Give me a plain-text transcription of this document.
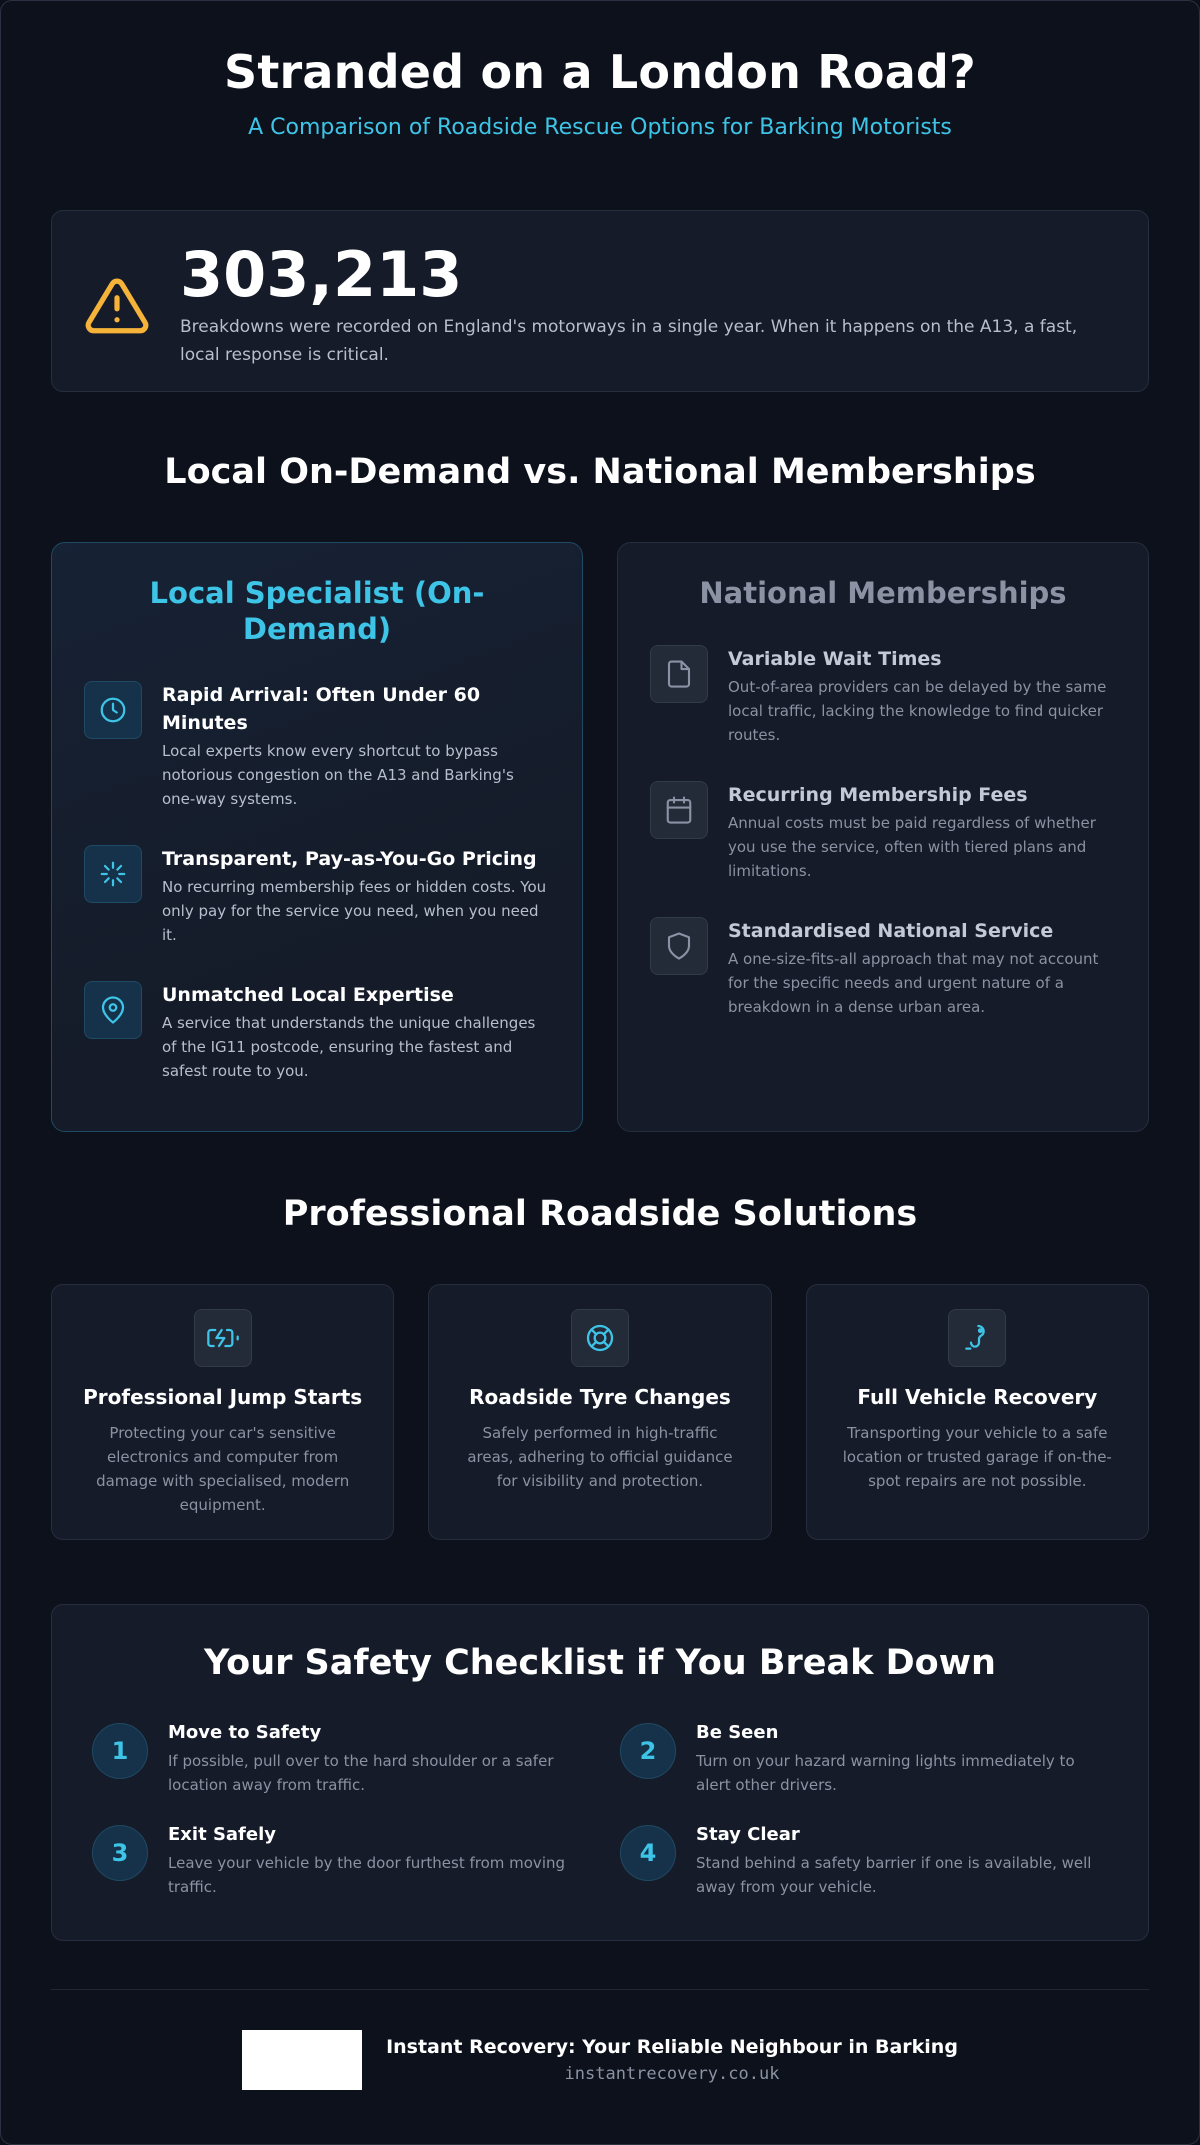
Stranded on a London Road?
A Comparison of Roadside Rescue Options for Barking Motorists
303,213
Breakdowns were recorded on England's motorways in a single year. When it happens on the A13, a fast, local response is critical.
Local On-Demand vs. National Memberships
Local Specialist (On-Demand)
Rapid Arrival: Often Under 60 Minutes
Local experts know every shortcut to bypass notorious congestion on the A13 and Barking's one-way systems.
Transparent, Pay-as-You-Go Pricing
No recurring membership fees or hidden costs. You only pay for the service you need, when you need it.
Unmatched Local Expertise
A service that understands the unique challenges of the IG11 postcode, ensuring the fastest and safest route to you.
National Memberships
Variable Wait Times
Out-of-area providers can be delayed by the same local traffic, lacking the knowledge to find quicker routes.
Recurring Membership Fees
Annual costs must be paid regardless of whether you use the service, often with tiered plans and limitations.
Standardised National Service
A one-size-fits-all approach that may not account for the specific needs and urgent nature of a breakdown in a dense urban area.
Professional Roadside Solutions
Professional Jump Starts
Protecting your car's sensitive electronics and computer from damage with specialised, modern equipment.
Roadside Tyre Changes
Safely performed in high-traffic areas, adhering to official guidance for visibility and protection.
Full Vehicle Recovery
Transporting your vehicle to a safe location or trusted garage if on-the-spot repairs are not possible.
Your Safety Checklist if You Break Down
1
Move to Safety
If possible, pull over to the hard shoulder or a safer location away from traffic.
2
Be Seen
Turn on your hazard warning lights immediately to alert other drivers.
3
Exit Safely
Leave your vehicle by the door furthest from moving traffic.
4
Stay Clear
Stand behind a safety barrier if one is available, well away from your vehicle.
Instant Recovery: Your Reliable Neighbour in Barking
instantrecovery.co.uk
